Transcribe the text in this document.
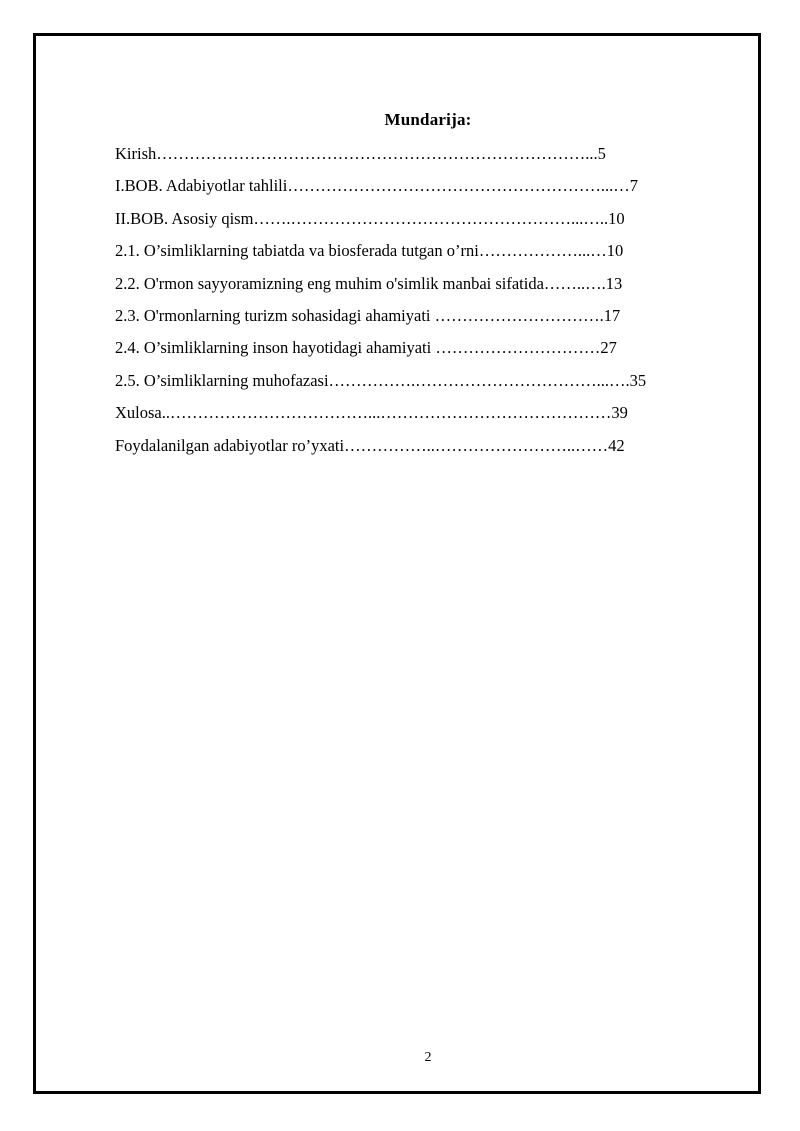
Mundarija:
Kirish……………………………………………………………………...5
I.BOB. Adabiyotlar tahlili…………………………………………………...…7
II.BOB. Asosiy qism…….……………………………………………...…..10
2.1. O’simliklarning tabiatda va biosferada tutgan o’rni………………...…10
2.2. O'rmon sayyoramizning eng muhim o'simlik manbai sifatida……..….13
2.3. O'rmonlarning turizm sohasidagi ahamiyati ………………………….17
2.4. O’simliklarning inson hayotidagi ahamiyati …………………………27
2.5. O’simliklarning muhofazasi…………….……………………………...….35
Xulosa..………………………………...……………………………………39
Foydalanilgan adabiyotlar ro’yxati……………..……………………..……42
2
